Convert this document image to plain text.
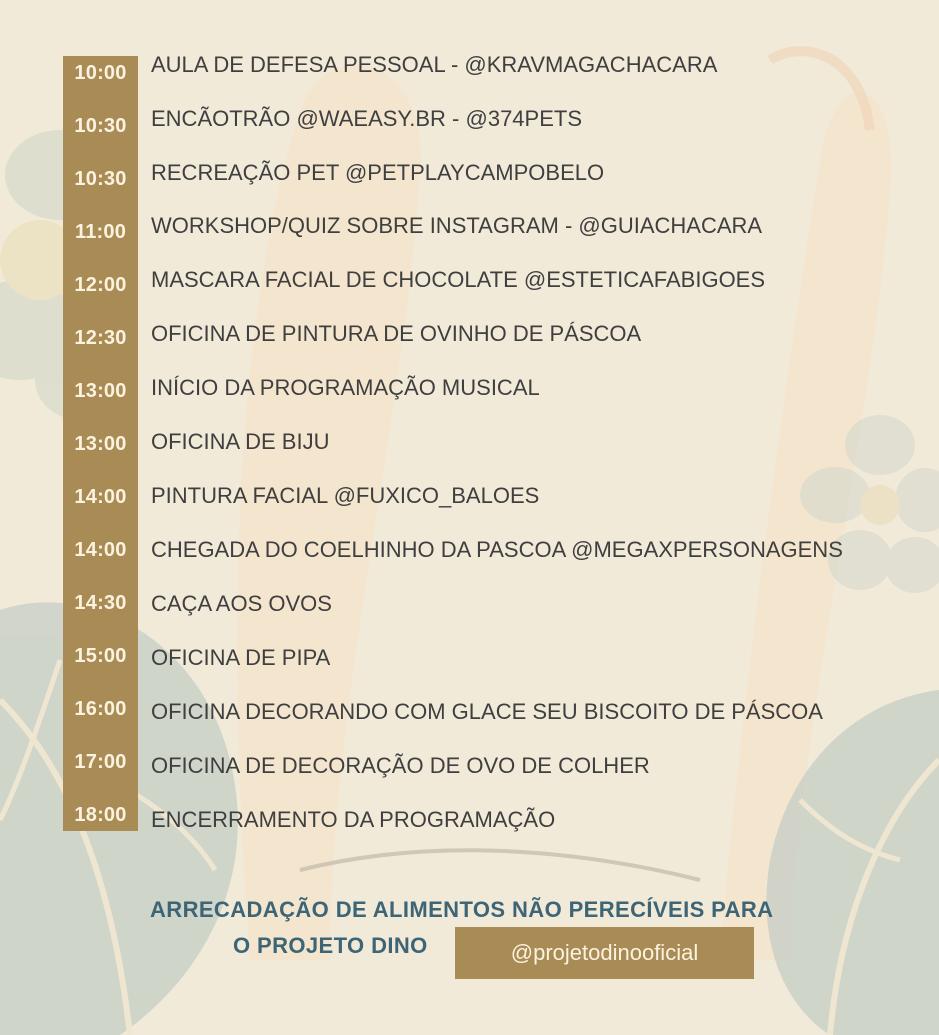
10:00
10:30
10:30
11:00
12:00
12:30
13:00
13:00
14:00
14:00
14:30
15:00
16:00
17:00
18:00
AULA DE DEFESA PESSOAL - @KRAVMAGACHACARA
ENCÃOTRÃO @WAEASY.BR - @374PETS
RECREAÇÃO PET @PETPLAYCAMPOBELO
WORKSHOP/QUIZ SOBRE INSTAGRAM - @GUIACHACARA
MASCARA FACIAL DE CHOCOLATE @ESTETICAFABIGOES
OFICINA DE PINTURA DE OVINHO DE PÁSCOA
INÍCIO DA PROGRAMAÇÃO MUSICAL
OFICINA DE BIJU
PINTURA FACIAL @FUXICO_BALOES
CHEGADA DO COELHINHO DA PASCOA @MEGAXPERSONAGENS
CAÇA AOS OVOS
OFICINA DE PIPA
OFICINA DECORANDO COM GLACE SEU BISCOITO DE PÁSCOA
OFICINA DE DECORAÇÃO DE OVO DE COLHER
ENCERRAMENTO DA PROGRAMAÇÃO
ARRECADAÇÃO DE ALIMENTOS NÃO PERECÍVEIS PARA
O PROJETO DINO	@projetodinooficial
